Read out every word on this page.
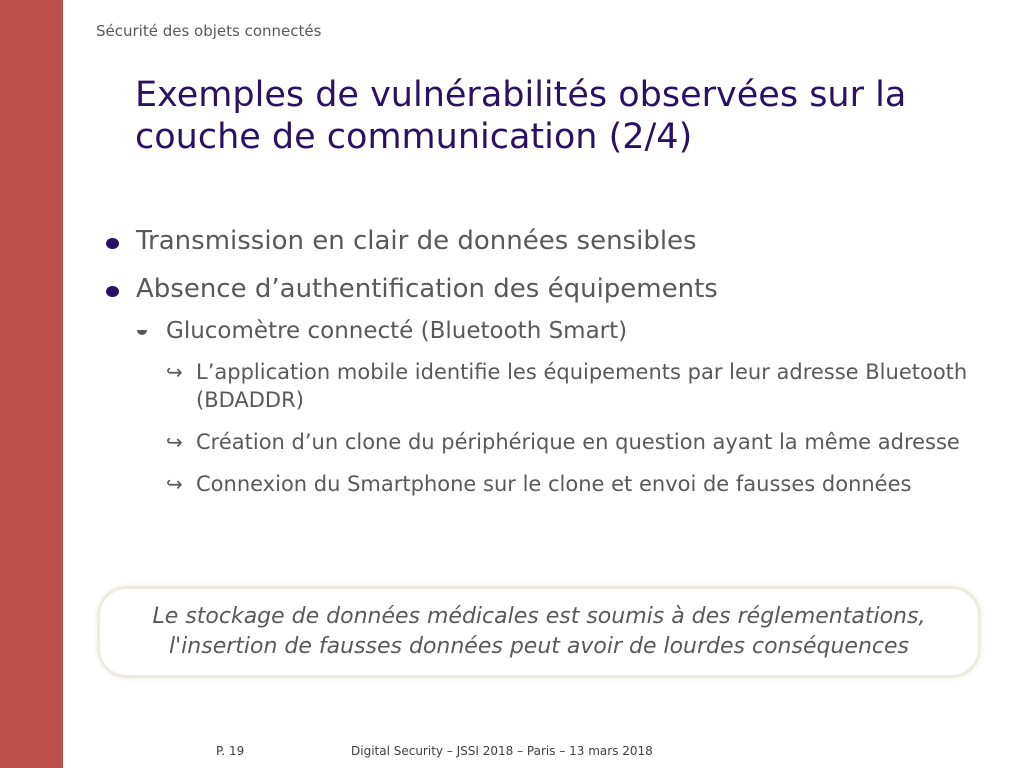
Sécurité des objets connectés
Exemples de vulnérabilités observées sur la couche de communication (2/4)
Transmission en clair de données sensibles
Absence d’authentification des équipements
Glucomètre connecté (Bluetooth Smart)
↪ L’application mobile identifie les équipements par leur adresse Bluetooth (BDADDR)
↪ Création d’un clone du périphérique en question ayant la même adresse
↪ Connexion du Smartphone sur le clone et envoi de fausses données
Le stockage de données médicales est soumis à des réglementations,
l'insertion de fausses données peut avoir de lourdes conséquences
P. 19	Digital Security – JSSI 2018 – Paris – 13 mars 2018
